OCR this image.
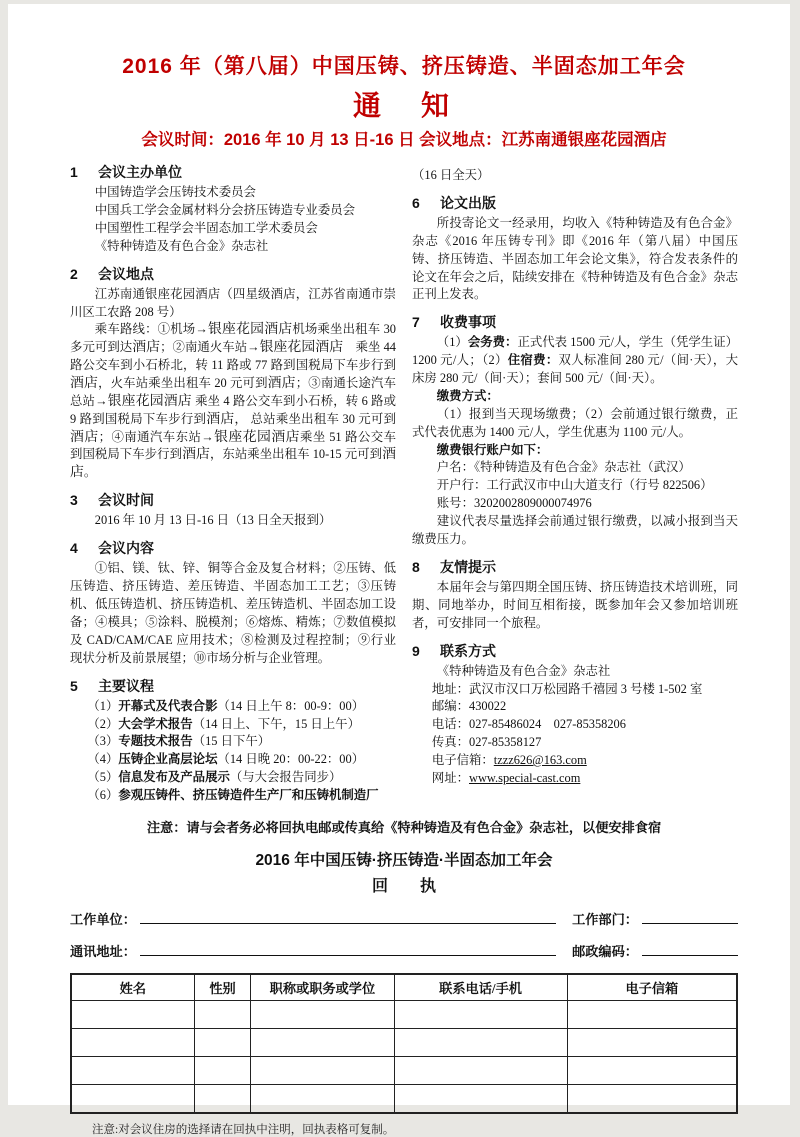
2016 年（第八届）中国压铸、挤压铸造、半固态加工年会
通　知
会议时间：2016 年 10 月 13 日-16 日 会议地点：江苏南通银座花园酒店
1 会议主办单位
中国铸造学会压铸技术委员会
中国兵工学会金属材料分会挤压铸造专业委员会
中国塑性工程学会半固态加工学术委员会
《特种铸造及有色合金》杂志社
2 会议地点
江苏南通银座花园酒店（四星级酒店，江苏省南通市崇川区工农路 208 号）
乘车路线：①机场→银座花园酒店机场乘坐出租车 30 多元可到达酒店；②南通火车站→银座花园酒店　乘坐 44 路公交车到小石桥北，转 11 路或 77 路到国税局下车步行到酒店，火车站乘坐出租车 20 元可到酒店；③南通长途汽车总站→银座花园酒店 乘坐 4 路公交车到小石桥，转 6 路或 9 路到国税局下车步行到酒店， 总站乘坐出租车 30 元可到酒店；④南通汽车东站→银座花园酒店乘坐 51 路公交车到国税局下车步行到酒店，东站乘坐出租车 10-15 元可到酒店。
3 会议时间
2016 年 10 月 13 日-16 日（13 日全天报到）
4 会议内容
①铝、镁、钛、锌、铜等合金及复合材料；②压铸、低压铸造、挤压铸造、差压铸造、半固态加工工艺；③压铸机、低压铸造机、挤压铸造机、差压铸造机、半固态加工设备；④模具；⑤涂料、脱模剂；⑥熔炼、精炼；⑦数值模拟及 CAD/CAM/CAE 应用技术；⑧检测及过程控制；⑨行业现状分析及前景展望；⑩市场分析与企业管理。
5 主要议程
（1）开幕式及代表合影（14 日上午 8：00-9：00）
（2）大会学术报告（14 日上、下午，15 日上午）
（3）专题技术报告（15 日下午）
（4）压铸企业高层论坛（14 日晚 20：00-22：00）
（5）信息发布及产品展示（与大会报告同步）
（6）参观压铸件、挤压铸造件生产厂和压铸机制造厂
（16 日全天）
6 论文出版
所投寄论文一经录用，均收入《特种铸造及有色合金》杂志《2016 年压铸专刊》即《2016 年（第八届）中国压铸、挤压铸造、半固态加工年会论文集》，符合发表条件的论文在年会之后，陆续安排在《特种铸造及有色合金》杂志正刊上发表。
7 收费事项
（1）会务费：正式代表 1500 元/人，学生（凭学生证）1200 元/人；（2）住宿费：双人标准间 280 元/（间·天），大床房 280 元/（间·天）；套间 500 元/（间·天）。
缴费方式：
（1）报到当天现场缴费；（2）会前通过银行缴费，正式代表优惠为 1400 元/人，学生优惠为 1100 元/人。
缴费银行账户如下：
户名：《特种铸造及有色合金》杂志社（武汉）
开户行：工行武汉市中山大道支行（行号 822506）
账号：3202002809000074976
建议代表尽量选择会前通过银行缴费，以减小报到当天缴费压力。
8 友情提示
本届年会与第四期全国压铸、挤压铸造技术培训班，同期、同地举办，时间互相衔接，既参加年会又参加培训班者，可安排同一个旅程。
9 联系方式
《特种铸造及有色合金》杂志社
地址：武汉市汉口万松园路千禧园 3 号楼 1-502 室
邮编：430022
电话：027-85486024　027-85358206
传真：027-85358127
电子信箱：tzzz626@163.com
网址：www.special-cast.com
注意：请与会者务必将回执电邮或传真给《特种铸造及有色合金》杂志社，以便安排食宿
2016 年中国压铸·挤压铸造·半固态加工年会
回　　执
工作单位：	工作部门：
通讯地址：	邮政编码：
姓名	性别	职称或职务或学位	联系电话/手机	电子信箱

注意:对会议住房的选择请在回执中注明，回执表格可复制。
